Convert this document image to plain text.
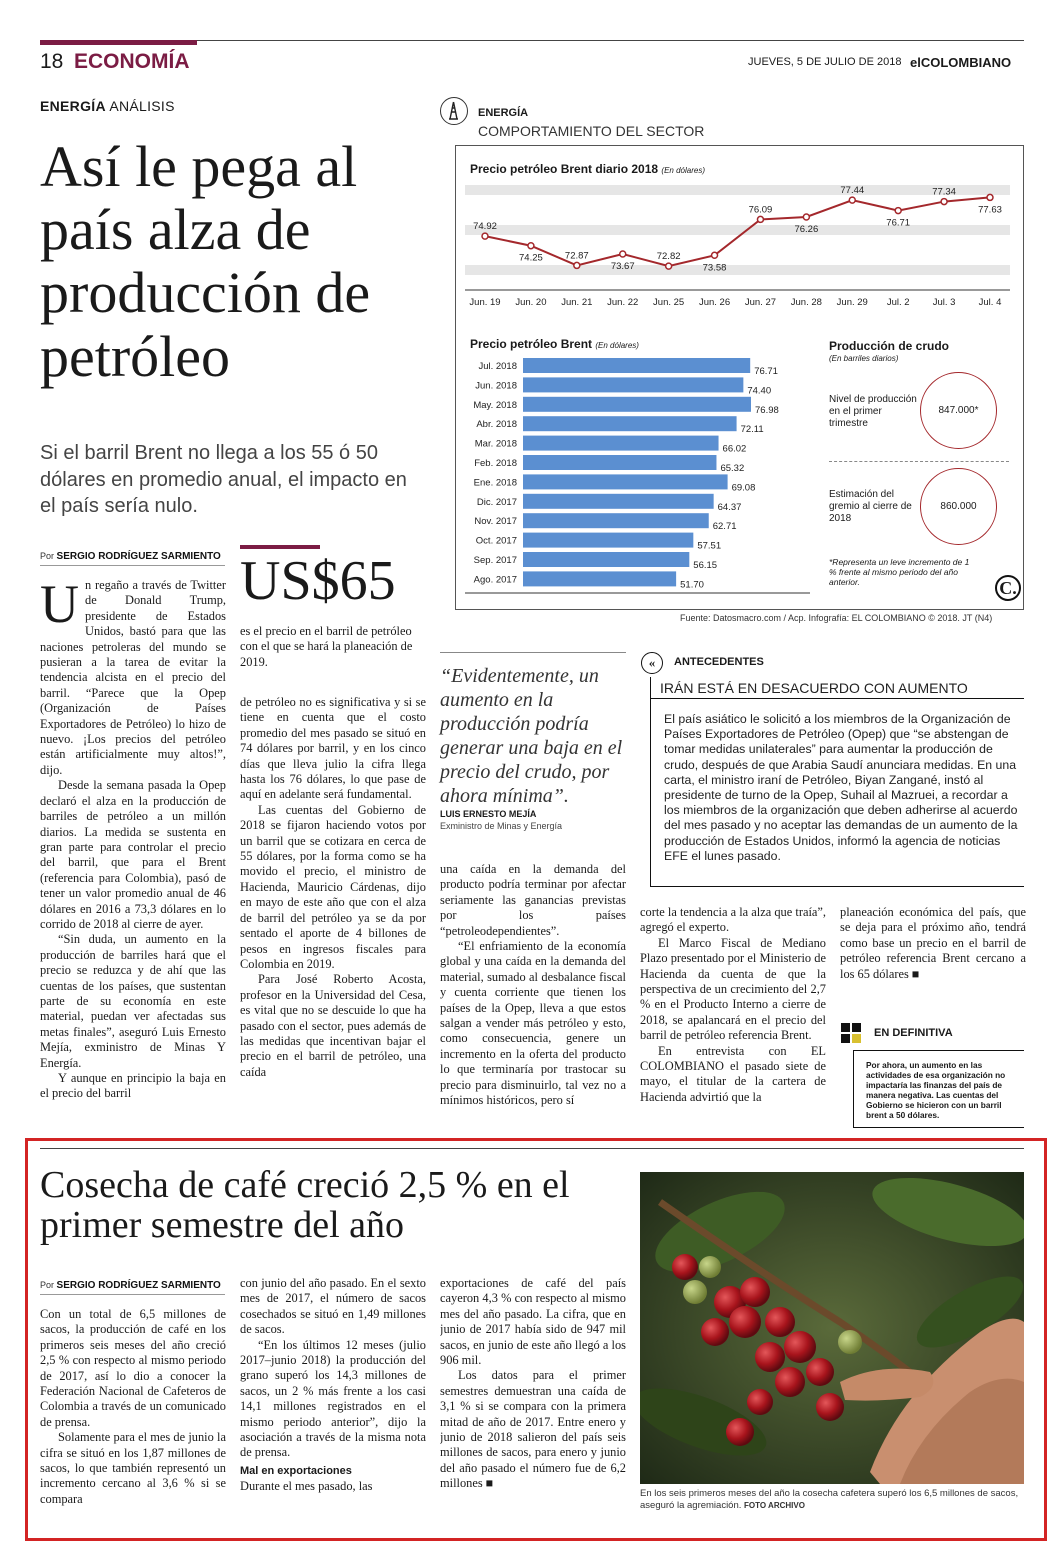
18 ECONOMÍA	JUEVES, 5 DE JULIO DE 2018 elCOLOMBIANO
ENERGÍA ANÁLISIS
Así le pega al país alza de producción de petróleo
Si el barril Brent no llega a los 55 ó 50 dólares en promedio anual, el impacto en el país sería nulo.
Por SERGIO RODRÍGUEZ SARMIENTO
U n regaño a través de Twitter de Donald Trump, presidente de Estados Unidos, bastó para que las naciones petroleras del mundo se pusieran a la tarea de evitar la tendencia alcista en el precio del barril. “Parece que la Opep (Organización de Países Exportadores de Petróleo) lo hizo de nuevo. ¡Los precios del petróleo están artificialmente muy altos!”, dijo.

Desde la semana pasada la Opep declaró el alza en la producción de barriles de petróleo a un millón diarios. La medida se sustenta en gran parte para controlar el precio del barril, que para el Brent (referencia para Colombia), pasó de tener un valor promedio anual de 46 dólares en 2016 a 73,3 dólares en lo corrido de 2018 al cierre de ayer.

“Sin duda, un aumento en la producción de barriles hará que el precio se reduzca y de ahí que las cuentas de los países, que sustentan parte de su economía en este material, puedan ver afectadas sus metas finales”, aseguró Luis Ernesto Mejía, exministro de Minas Y Energía.

Y aunque en principio la baja en el precio del barril

US$65
es el precio en el barril de petróleo con el que se hará la planeación de 2019.

de petróleo no es significativa y si se tiene en cuenta que el costo promedio del mes pasado se situó en 74 dólares por barril, y en los cinco días que lleva julio la cifra llega hasta los 76 dólares, lo que pase de aquí en adelante será fundamental.

Las cuentas del Gobierno de 2018 se fijaron haciendo votos por un barril que se cotizara en cerca de 55 dólares, por la forma como se ha movido el precio, el ministro de Hacienda, Mauricio Cárdenas, dijo en mayo de este año que con el alza de barril del petróleo ya se da por sentado el aporte de 4 billones de pesos en ingresos fiscales para Colombia en 2019.

Para José Roberto Acosta, profesor en la Universidad del Cesa, es vital que no se descuide lo que ha pasado con el sector, pues además de las medidas que incentivan bajar el precio en el barril de petróleo, una caída

“Evidentemente, un aumento en la producción podría generar una baja en el precio del crudo, por ahora mínima”.
LUIS ERNESTO MEJÍA
Exministro de Minas y Energía

una caída en la demanda del producto podría terminar por afectar seriamente las ganancias previstas por los países “petroleodependientes”.

“El enfriamiento de la economía global y una caída en la demanda del material, sumado al desbalance fiscal y cuenta corriente que tienen los países de la Opep, lleva a que estos salgan a vender más petróleo y esto, como consecuencia, genere un incremento en la oferta del producto lo que terminaría por trastocar su precio para disminuirlo, tal vez no a mínimos históricos, pero sí

corte la tendencia a la alza que traía”, agregó el experto.

El Marco Fiscal de Mediano Plazo presentado por el Ministerio de Hacienda da cuenta de que la perspectiva de un crecimiento del 2,7 % en el Producto Interno a cierre de 2018, se apalancará en el precio del barril de petróleo referencia Brent.

En entrevista con EL COLOMBIANO el pasado siete de mayo, el titular de la cartera de Hacienda advirtió que la

planeación económica del país, que se deja para el próximo año, tendrá como base un precio en el barril de petróleo referencia Brent cercano a los 65 dólares ■

ENERGÍA
COMPORTAMIENTO DEL SECTOR
Precio petróleo Brent diario 2018 (En dólares)
74.92
Jun. 19
74.25
Jun. 20
72.87
Jun. 21
73.67
Jun. 22
72.82
Jun. 25
73.58
Jun. 26
76.09
Jun. 27
76.26
Jun. 28
77.44
Jun. 29
76.71
Jul. 2
77.34
Jul. 3
77.63
Jul. 4
Precio petróleo Brent (En dólares)
Jul. 2018	76.71
Jun. 2018	74.40
May. 2018	76.98
Abr. 2018	72.11
Mar. 2018	66.02
Feb. 2018	65.32
Ene. 2018	69.08
Dic. 2017	64.37
Nov. 2017	62.71
Oct. 2017	57.51
Sep. 2017	56.15
Ago. 2017	51.70
Producción de crudo
(En barriles diarios)
Nivel de producción en el primer trimestre
847.000*
Estimación del gremio al cierre de 2018
860.000
*Representa un leve incremento de 1 % frente al mismo periodo del año anterior.	C.
Fuente: Datosmacro.com / Acp. Infografía: EL COLOMBIANO © 2018. JT (N4)
«	ANTECEDENTES
IRÁN ESTÁ EN DESACUERDO CON AUMENTO
El país asiático le solicitó a los miembros de la Organización de Países Exportadores de Petróleo (Opep) que “se abstengan de tomar medidas unilaterales” para aumentar la producción de crudo, después de que Arabia Saudí anunciara medidas. En una carta, el ministro iraní de Petróleo, Biyan Zangané, instó al presidente de turno de la Opep, Suhail al Mazruei, a recordar a los miembros de la organización que deben adherirse al acuerdo del mes pasado y no aceptar las demandas de un aumento de la producción de Estados Unidos, informó la agencia de noticias EFE el lunes pasado.
EN DEFINITIVA
Por ahora, un aumento en las actividades de esa organización no impactaría las finanzas del país de manera negativa. Las cuentas del Gobierno se hicieron con un barril brent a 50 dólares.
Cosecha de café creció 2,5 % en el primer semestre del año
Por SERGIO RODRÍGUEZ SARMIENTO

Con un total de 6,5 millones de sacos, la producción de café en los primeros seis meses del año creció 2,5 % con respecto al mismo periodo de 2017, así lo dio a conocer la Federación Nacional de Cafeteros de Colombia a través de un comunicado de prensa.

Solamente para el mes de junio la cifra se situó en los 1,87 millones de sacos, lo que también representó un incremento cercano al 3,6 % si se compara

con junio del año pasado. En el sexto mes de 2017, el número de sacos cosechados se situó en 1,49 millones de sacos.

“En los últimos 12 meses (julio 2017–junio 2018) la producción del grano superó los 14,3 millones de sacos, un 2 % más frente a los casi 14,1 millones registrados en el mismo periodo anterior”, dijo la asociación a través de la misma nota de prensa.

Mal en exportaciones

Durante el mes pasado, las

exportaciones de café del país cayeron 4,3 % con respecto al mismo mes del año pasado. La cifra, que en junio de 2017 había sido de 947 mil sacos, en junio de este año llegó a los 906 mil.

Los datos para el primer semestres demuestran una caída de 3,1 % si se compara con la primera mitad de año de 2017. Entre enero y junio de 2018 salieron del país seis millones de sacos, para enero y junio del año pasado el número fue de 6,2 millones ■

En los seis primeros meses del año la cosecha cafetera superó los 6,5 millones de sacos, aseguró la agremiación. FOTO ARCHIVO
